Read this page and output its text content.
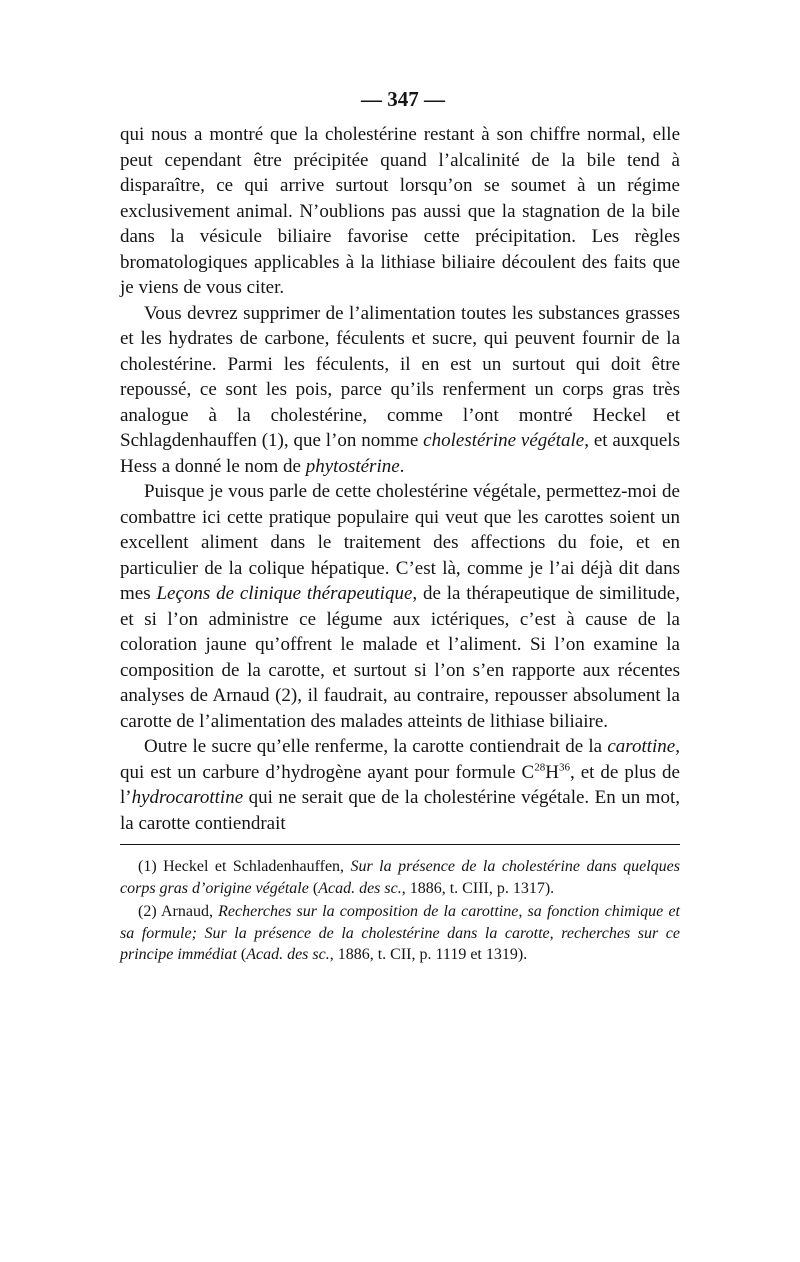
— 347 —

qui nous a montré que la cholestérine restant à son chiffre normal, elle peut cependant être précipitée quand l’alcalinité de la bile tend à disparaître, ce qui arrive surtout lorsqu’on se soumet à un régime exclusivement animal. N’oublions pas aussi que la stagnation de la bile dans la vésicule biliaire favorise cette précipitation. Les règles bromatologiques applicables à la lithiase biliaire découlent des faits que je viens de vous citer.

Vous devrez supprimer de l’alimentation toutes les substances grasses et les hydrates de carbone, féculents et sucre, qui peuvent fournir de la cholestérine. Parmi les féculents, il en est un surtout qui doit être repoussé, ce sont les pois, parce qu’ils renferment un corps gras très analogue à la cholestérine, comme l’ont montré Heckel et Schlagdenhauffen (1), que l’on nomme cholestérine végétale, et auxquels Hess a donné le nom de phytostérine.

Puisque je vous parle de cette cholestérine végétale, permettez-moi de combattre ici cette pratique populaire qui veut que les carottes soient un excellent aliment dans le traitement des affections du foie, et en particulier de la colique hépatique. C’est là, comme je l’ai déjà dit dans mes Leçons de clinique thérapeutique, de la thérapeutique de similitude, et si l’on administre ce légume aux ictériques, c’est à cause de la coloration jaune qu’offrent le malade et l’aliment. Si l’on examine la composition de la carotte, et surtout si l’on s’en rapporte aux récentes analyses de Arnaud (2), il faudrait, au contraire, repousser absolument la carotte de l’alimentation des malades atteints de lithiase biliaire.

Outre le sucre qu’elle renferme, la carotte contiendrait de la carottine, qui est un carbure d’hydrogène ayant pour formule $C^{28}H^{36}$, et de plus de l’hydrocarottine qui ne serait que de la cholestérine végétale. En un mot, la carotte contiendrait

(1) Heckel et Schladenhauffen, Sur la présence de la cholestérine dans quelques corps gras d’origine végétale (Acad. des sc., 1886, t. CIII, p. 1317).

(2) Arnaud, Recherches sur la composition de la carottine, sa fonction chimique et sa formule; Sur la présence de la cholestérine dans la carotte, recherches sur ce principe immédiat (Acad. des sc., 1886, t. CII, p. 1119 et 1319).
